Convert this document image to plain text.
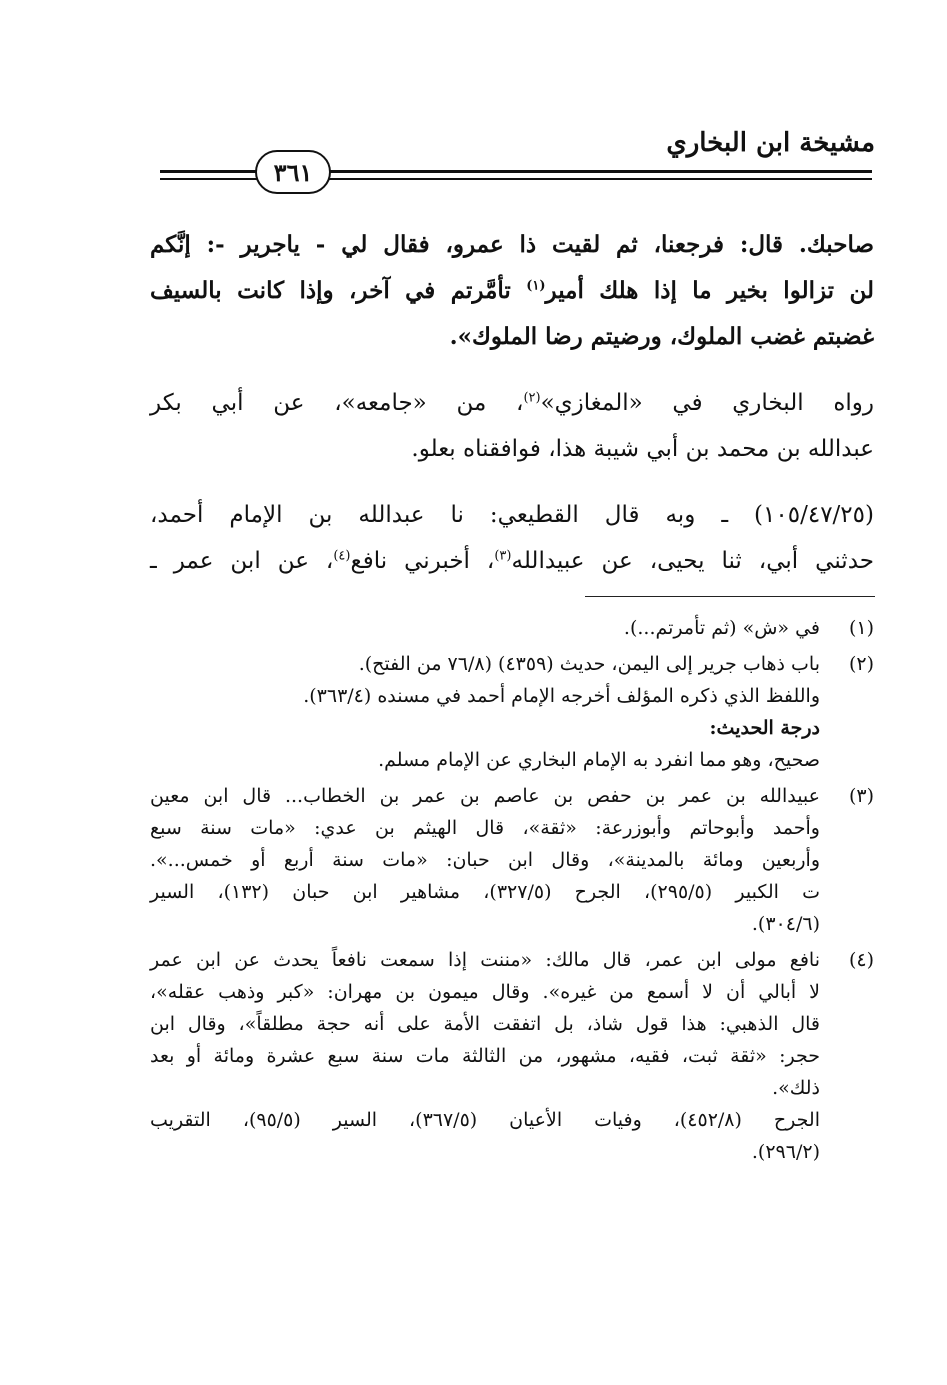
مشيخة ابن البخاري
٣٦١
صاحبك. قال: فرجعنا، ثم لقيت ذا عمرو، فقال لي - ياجرير -: إنَّكم
لن تزالوا بخير ما إذا هلك أمير$^{(١)}$ تأمَّرتم في آخر، وإذا كانت بالسيف
غضبتم غضب الملوك، ورضيتم رضا الملوك».
رواه البخاري في «المغازي»$^{(٢)}$، من «جامعه»، عن أبي بكر
عبدالله بن محمد بن أبي شيبة هذا، فوافقناه بعلو.
(١٠٥/٤٧/٢٥) ـ وبه قال القطيعي: نا عبدالله بن الإمام أحمد،
حدثني أبي، ثنا يحيى، عن عبيدالله$^{(٣)}$، أخبرني نافع$^{(٤)}$، عن ابن عمر ـ
(١)
في «ش» (ثم تأمرتم...).
(٢)
باب ذهاب جرير إلى اليمن، حديث (٤٣٥٩) (٧٦/٨ من الفتح).
واللفظ الذي ذكره المؤلف أخرجه الإمام أحمد في مسنده (٣٦٣/٤).
درجة الحديث:
صحيح، وهو مما انفرد به الإمام البخاري عن الإمام مسلم.
(٣)
عبيدالله بن عمر بن حفص بن عاصم بن عمر بن الخطاب... قال ابن معين
وأحمد وأبوحاتم وأبوزرعة: «ثقة»، قال الهيثم بن عدي: «مات سنة سبع
وأربعين ومائة بالمدينة»، وقال ابن حبان: «مات سنة أربع أو خمس...».
ت الكبير (٢٩٥/٥)، الجرح (٣٢٧/٥)، مشاهير ابن حبان (١٣٢)، السير
(٣٠٤/٦).
(٤)
نافع مولى ابن عمر، قال مالك: «مننت إذا سمعت نافعاً يحدث عن ابن عمر
لا أبالي أن لا أسمع من غيره». وقال ميمون بن مهران: «كبر وذهب عقله»،
قال الذهبي: هذا قول شاذ، بل اتفقت الأمة على أنه حجة مطلقاً»، وقال ابن
حجر: «ثقة ثبت، فقيه، مشهور، من الثالثة مات سنة سبع عشرة ومائة أو بعد
ذلك».
الجرح (٤٥٢/٨)، وفيات الأعيان (٣٦٧/٥)، السير (٩٥/٥)، التقريب
(٢٩٦/٢).
